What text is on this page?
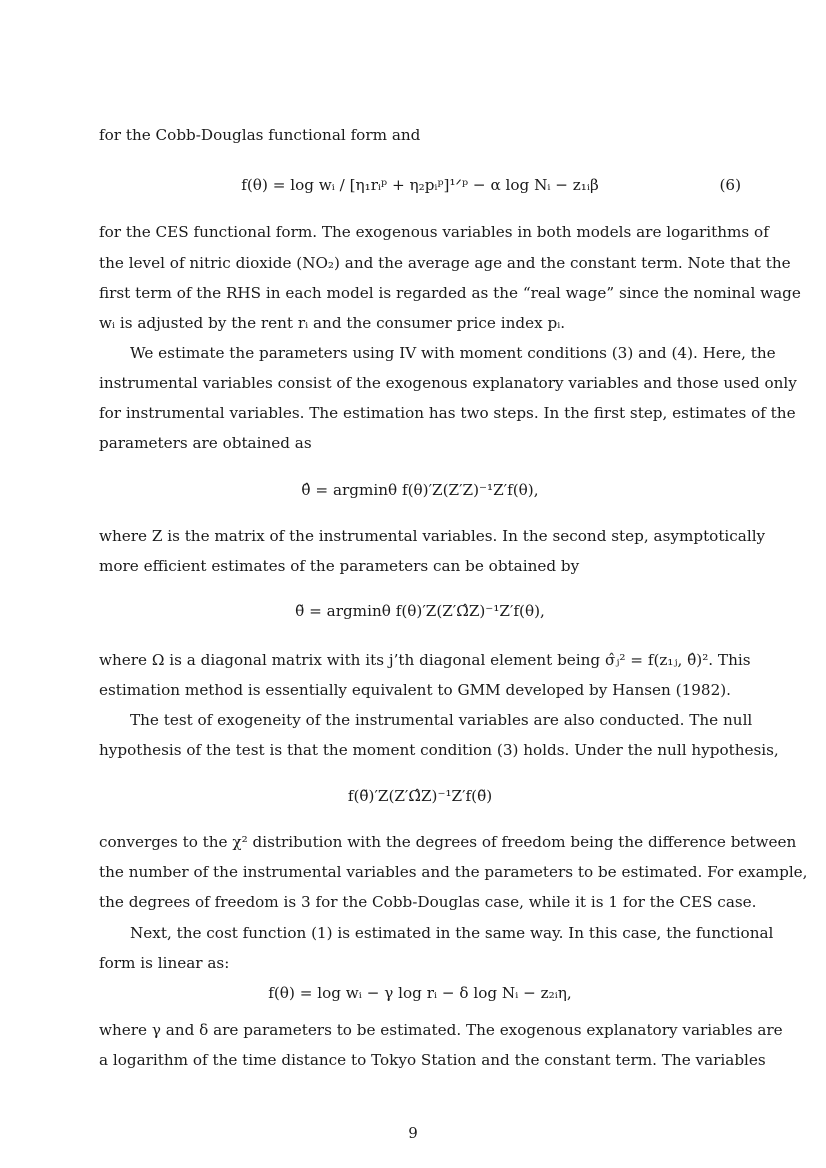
for the Cobb-Douglas functional form and
f(θ) = log wᵢ / [η₁rᵢᵖ + η₂pᵢᵖ]¹ᐟᵖ − α log Nᵢ − z₁ᵢβ	(6)
for the CES functional form. The exogenous variables in both models are logarithms of
the level of nitric dioxide (NO₂) and the average age and the constant term. Note that the
first term of the RHS in each model is regarded as the “real wage” since the nominal wage
wᵢ is adjusted by the rent rᵢ and the consumer price index pᵢ.
We estimate the parameters using IV with moment conditions (3) and (4). Here, the
instrumental variables consist of the exogenous explanatory variables and those used only
for instrumental variables. The estimation has two steps. In the first step, estimates of the
parameters are obtained as
θ̂ = argminθ f(θ)′Z(Z′Z)⁻¹Z′f(θ),
where Z is the matrix of the instrumental variables. In the second step, asymptotically
more efficient estimates of the parameters can be obtained by
θ̃ = argminθ f(θ)′Z(Z′Ω̂Z)⁻¹Z′f(θ),
where Ω is a diagonal matrix with its j’th diagonal element being σ̂ⱼ² = f(z₁ⱼ, θ̂)². This
estimation method is essentially equivalent to GMM developed by Hansen (1982).
The test of exogeneity of the instrumental variables are also conducted. The null
hypothesis of the test is that the moment condition (3) holds. Under the null hypothesis,
f(θ̃)′Z(Z′Ω̂Z)⁻¹Z′f(θ̃)
converges to the χ² distribution with the degrees of freedom being the difference between
the number of the instrumental variables and the parameters to be estimated. For example,
the degrees of freedom is 3 for the Cobb-Douglas case, while it is 1 for the CES case.
Next, the cost function (1) is estimated in the same way. In this case, the functional
form is linear as:
f(θ) = log wᵢ − γ log rᵢ − δ log Nᵢ − z₂ᵢη,
where γ and δ are parameters to be estimated. The exogenous explanatory variables are
a logarithm of the time distance to Tokyo Station and the constant term. The variables
9
